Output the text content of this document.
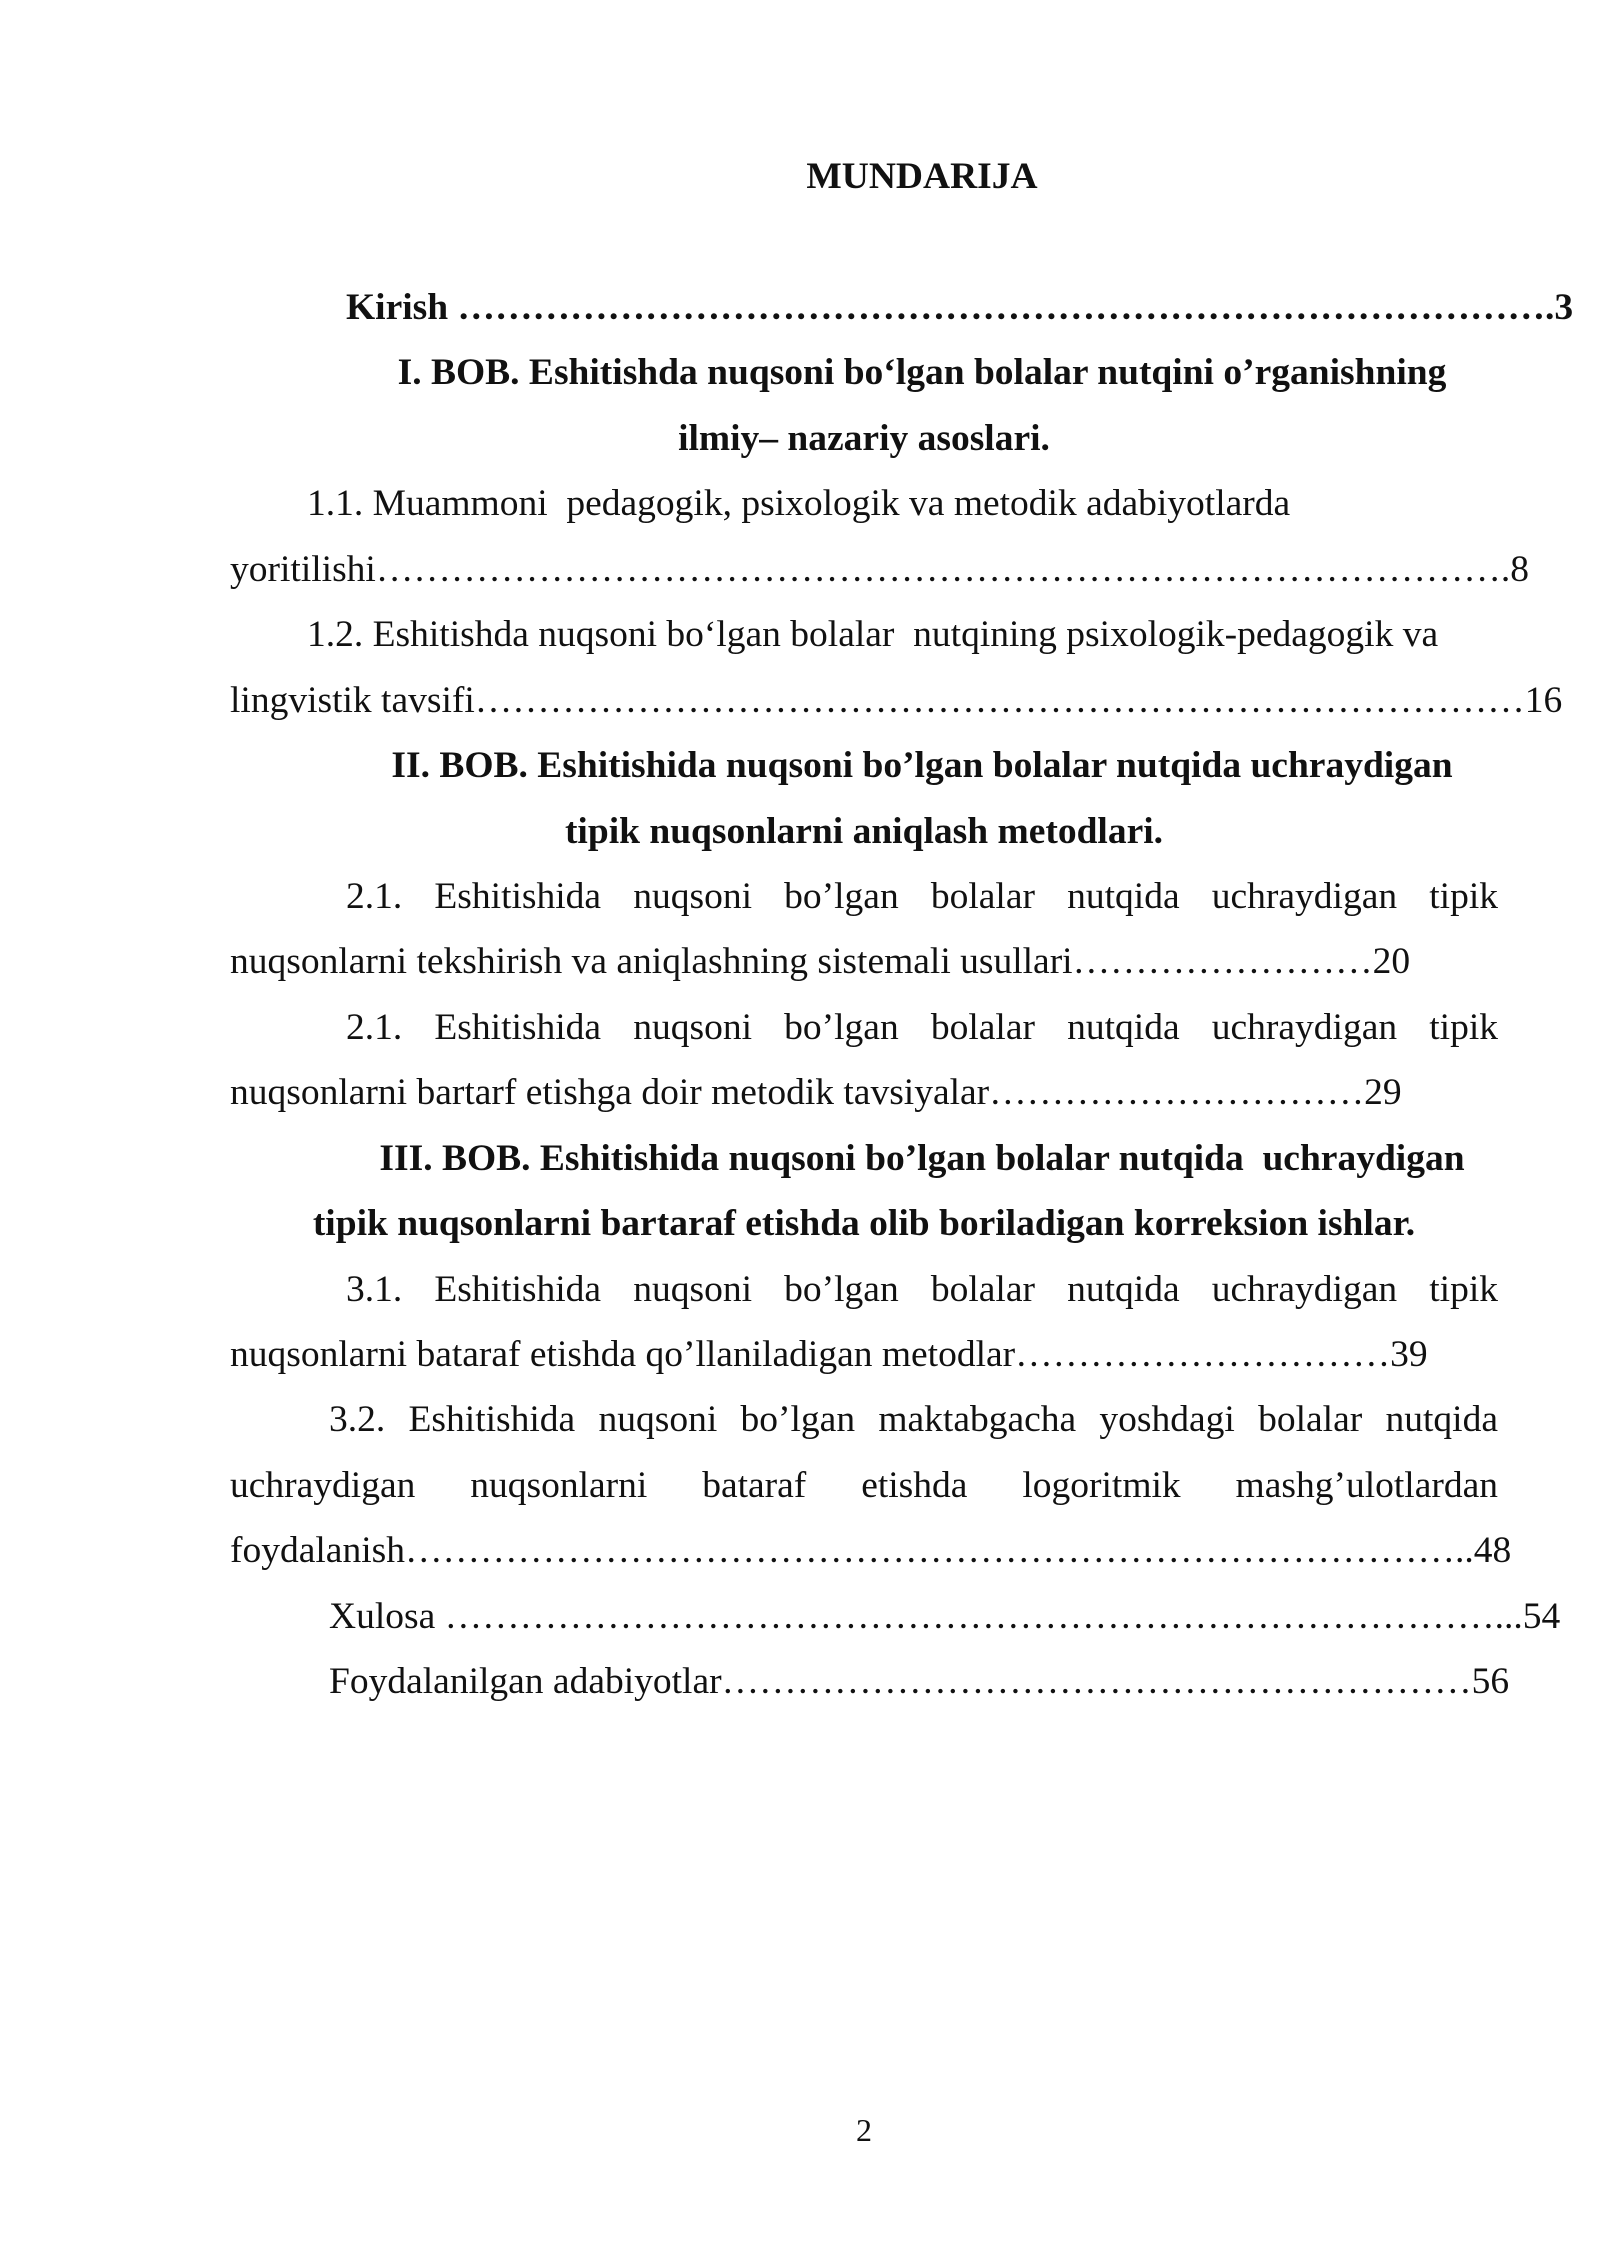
MUNDARIJA
Kirish …………………………………………………………………………….3
I. BOB. Eshitishda nuqsoni bo‘lgan bolalar nutqini o’rganishning
ilmiy– nazariy asoslari.
1.1. Muammoni  pedagogik, psixologik va metodik adabiyotlarda
yoritilishi……………………………………………………………………………….8
1.2. Eshitishda nuqsoni bo‘lgan bolalar  nutqining psixologik-pedagogik va
lingvistik tavsifi…………………………………………………………………………16
II. BOB. Eshitishida nuqsoni bo’lgan bolalar nutqida uchraydigan
tipik nuqsonlarni aniqlash metodlari.
2.1. Eshitishida nuqsoni bo’lgan bolalar nutqida uchraydigan tipik
nuqsonlarni tekshirish va aniqlashning sistemali usullari……………………20
2.1. Eshitishida nuqsoni bo’lgan bolalar nutqida uchraydigan tipik
nuqsonlarni bartarf etishga doir metodik tavsiyalar…………………………29
III. BOB. Eshitishida nuqsoni bo’lgan bolalar nutqida  uchraydigan
tipik nuqsonlarni bartaraf etishda olib boriladigan korreksion ishlar.
3.1. Eshitishida nuqsoni bo’lgan bolalar nutqida uchraydigan tipik
nuqsonlarni bataraf etishda qo’llaniladigan metodlar…………………………39
3.2. Eshitishida nuqsoni bo’lgan maktabgacha yoshdagi bolalar nutqida
uchraydigan nuqsonlarni bataraf etishda logoritmik mashg’ulotlardan
foydalanish…………………………………………………………………………..48
Xulosa …………………………………………………………………………...54
Foydalanilgan adabiyotlar……………………………………………………56
2
